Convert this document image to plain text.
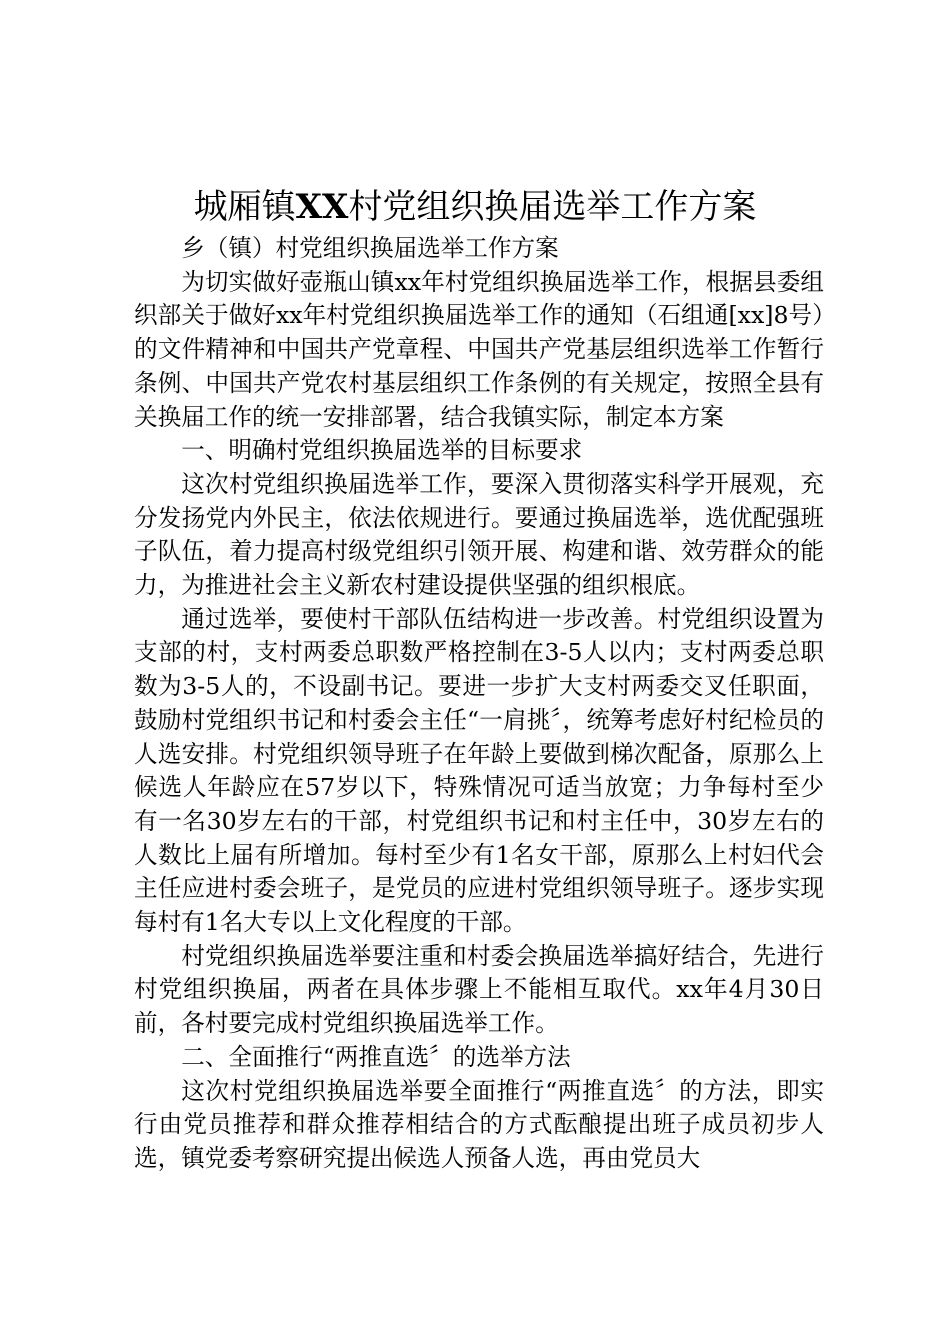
城厢镇XX村党组织换届选举工作方案

乡（镇）村党组织换届选举工作方案

为切实做好壶瓶山镇xx年村党组织换届选举工作，根据县委组织部关于做好xx年村党组织换届选举工作的通知（石组通[xx]8号）的文件精神和中国共产党章程、中国共产党基层组织选举工作暂行条例、中国共产党农村基层组织工作条例的有关规定，按照全县有关换届工作的统一安排部署，结合我镇实际，制定本方案

一、明确村党组织换届选举的目标要求

这次村党组织换届选举工作，要深入贯彻落实科学开展观，充分发扬党内外民主，依法依规进行。要通过换届选举，选优配强班子队伍，着力提高村级党组织引领开展、构建和谐、效劳群众的能力，为推进社会主义新农村建设提供坚强的组织根底。

通过选举，要使村干部队伍结构进一步改善。村党组织设置为支部的村，支村两委总职数严格控制在3-5人以内；支村两委总职数为3-5人的，不设副书记。要进一步扩大支村两委交叉任职面，鼓励村党组织书记和村委会主任“一肩挑〞，统筹考虑好村纪检员的人选安排。村党组织领导班子在年龄上要做到梯次配备，原那么上候选人年龄应在57岁以下，特殊情况可适当放宽；力争每村至少有一名30岁左右的干部，村党组织书记和村主任中，30岁左右的人数比上届有所增加。每村至少有1名女干部，原那么上村妇代会主任应进村委会班子，是党员的应进村党组织领导班子。逐步实现每村有1名大专以上文化程度的干部。

村党组织换届选举要注重和村委会换届选举搞好结合，先进行村党组织换届，两者在具体步骤上不能相互取代。xx年4月30日前，各村要完成村党组织换届选举工作。

二、全面推行“两推直选〞的选举方法

这次村党组织换届选举要全面推行“两推直选〞的方法，即实行由党员推荐和群众推荐相结合的方式酝酿提出班子成员初步人选，镇党委考察研究提出候选人预备人选，再由党员大
